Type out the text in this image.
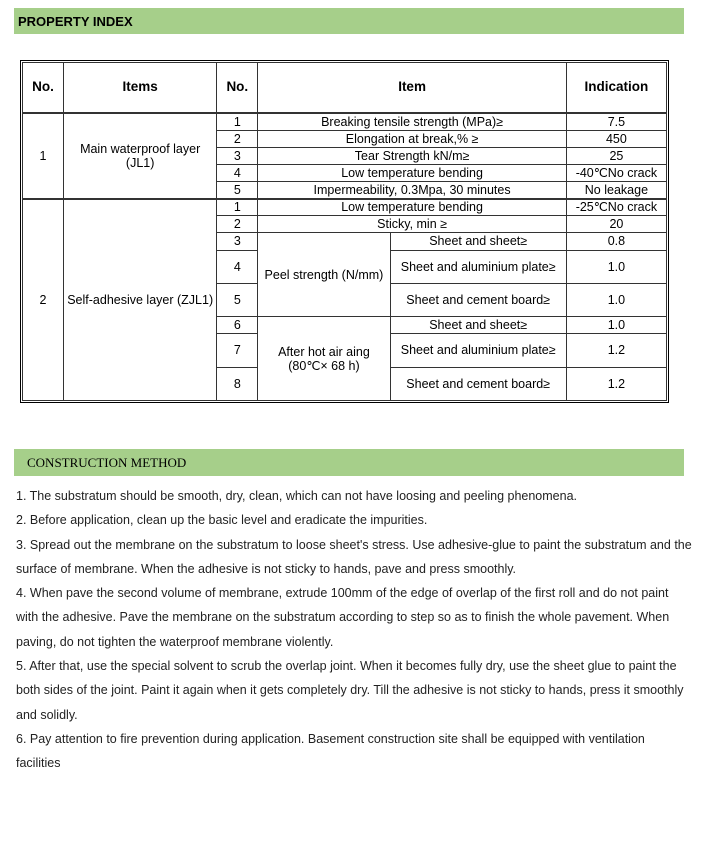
PROPERTY INDEX
No.	Items	No.	Item		Indication
1	Main waterproof layer (JL1)	1	Breaking tensile strength (MPa)≥		7.5
		2	Elongation at break,% ≥		450
		3	Tear Strength kN/m≥		25
		4	Low temperature bending		-40℃No crack
		5	Impermeability, 0.3Mpa, 30 minutes		No leakage
2	Self-adhesive layer (ZJL1)	1	Low temperature bending		-25℃No crack
		2	Sticky, min ≥		20
		3	Peel strength (N/mm)	Sheet and sheet≥	0.8
		4		Sheet and aluminium plate≥	1.0
		5		Sheet and cement board≥	1.0
		6	After hot air aing (80℃× 68 h)	Sheet and sheet≥	1.0
		7		Sheet and aluminium plate≥	1.2
		8		Sheet and cement board≥	1.2
CONSTRUCTION METHOD

1. The substratum should be smooth, dry, clean, which can not have loosing and peeling phenomena.

2. Before application, clean up the basic level and eradicate the impurities.

3. Spread out the membrane on the substratum to loose sheet's stress. Use adhesive-glue to paint the substratum and the surface of membrane. When the adhesive is not sticky to hands, pave and press smoothly.

4. When pave the second volume of membrane, extrude 100mm of the edge of overlap of the first roll and do not paint with the adhesive. Pave the membrane on the substratum according to step so as to finish the whole pavement. When paving, do not tighten the waterproof membrane violently.

5. After that, use the special solvent to scrub the overlap joint. When it becomes fully dry, use the sheet glue to paint the both sides of the joint. Paint it again when it gets completely dry. Till the adhesive is not sticky to hands, press it smoothly and solidly.

6. Pay attention to fire prevention during application. Basement construction site shall be equipped with ventilation facilities
